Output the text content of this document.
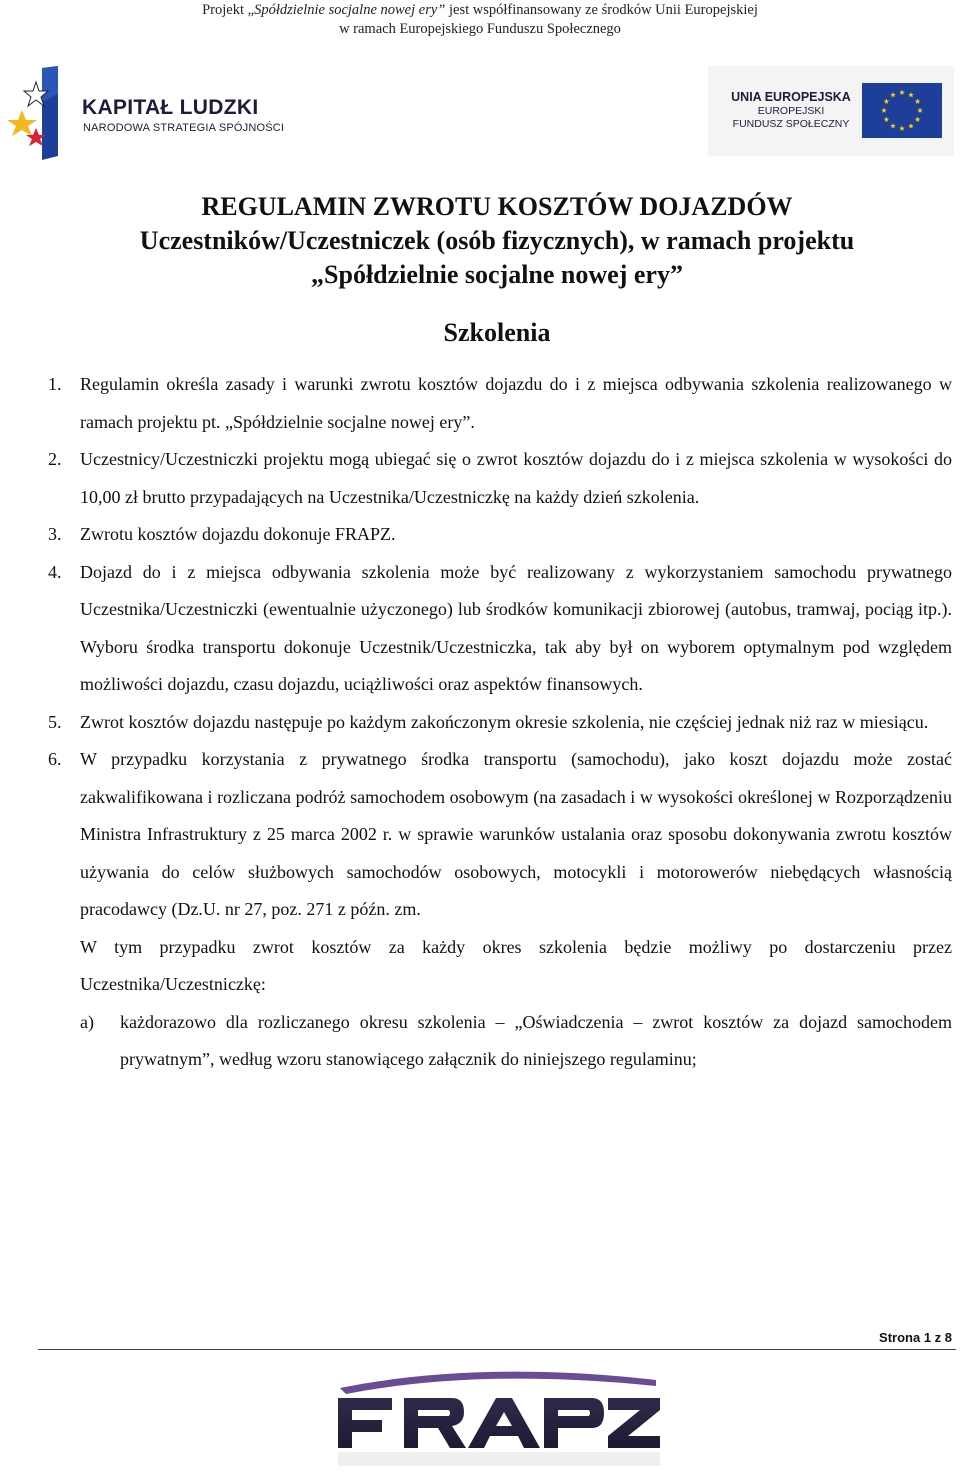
Projekt „Spółdzielnie socjalne nowej ery” jest współfinansowany ze środków Unii Europejskiej
w ramach Europejskiego Funduszu Społecznego
KAPITAŁ LUDZKI
NARODOWA STRATEGIA SPÓJNOŚCI
UNIA EUROPEJSKA
EUROPEJSKI
FUNDUSZ SPOŁECZNY
REGULAMIN ZWROTU KOSZTÓW DOJAZDÓW
Uczestników/Uczestniczek (osób fizycznych), w ramach projektu
„Spółdzielnie socjalne nowej ery”
Szkolenia
1. Regulamin określa zasady i warunki zwrotu kosztów dojazdu do i z miejsca odbywania szkolenia realizowanego w ramach projektu pt. „Spółdzielnie socjalne nowej ery”.
2. Uczestnicy/Uczestniczki projektu mogą ubiegać się o zwrot kosztów dojazdu do i z miejsca szkolenia w wysokości do 10,00 zł brutto przypadających na Uczestnika/Uczestniczkę na każdy dzień szkolenia.
3. Zwrotu kosztów dojazdu dokonuje FRAPZ.
4. Dojazd do i z miejsca odbywania szkolenia może być realizowany z wykorzystaniem samochodu prywatnego Uczestnika/Uczestniczki (ewentualnie użyczonego) lub środków komunikacji zbiorowej (autobus, tramwaj, pociąg itp.). Wyboru środka transportu dokonuje Uczestnik/Uczestniczka, tak aby był on wyborem optymalnym pod względem możliwości dojazdu, czasu dojazdu, uciążliwości oraz aspektów finansowych.
5. Zwrot kosztów dojazdu następuje po każdym zakończonym okresie szkolenia, nie częściej jednak niż raz w miesiącu.
6. W przypadku korzystania z prywatnego środka transportu (samochodu), jako koszt dojazdu może zostać zakwalifikowana i rozliczana podróż samochodem osobowym (na zasadach i w wysokości określonej w Rozporządzeniu Ministra Infrastruktury z 25 marca 2002 r. w sprawie warunków ustalania oraz sposobu dokonywania zwrotu kosztów używania do celów służbowych samochodów osobowych, motocykli i motorowerów niebędących własnością pracodawcy (Dz.U. nr 27, poz. 271 z późn. zm.
W tym przypadku zwrot kosztów za każdy okres szkolenia będzie możliwy po dostarczeniu przez Uczestnika/Uczestniczkę:
a) każdorazowo dla rozliczanego okresu szkolenia – „Oświadczenia – zwrot kosztów za dojazd samochodem prywatnym”, według wzoru stanowiącego załącznik do niniejszego regulaminu;
Strona 1 z 8
